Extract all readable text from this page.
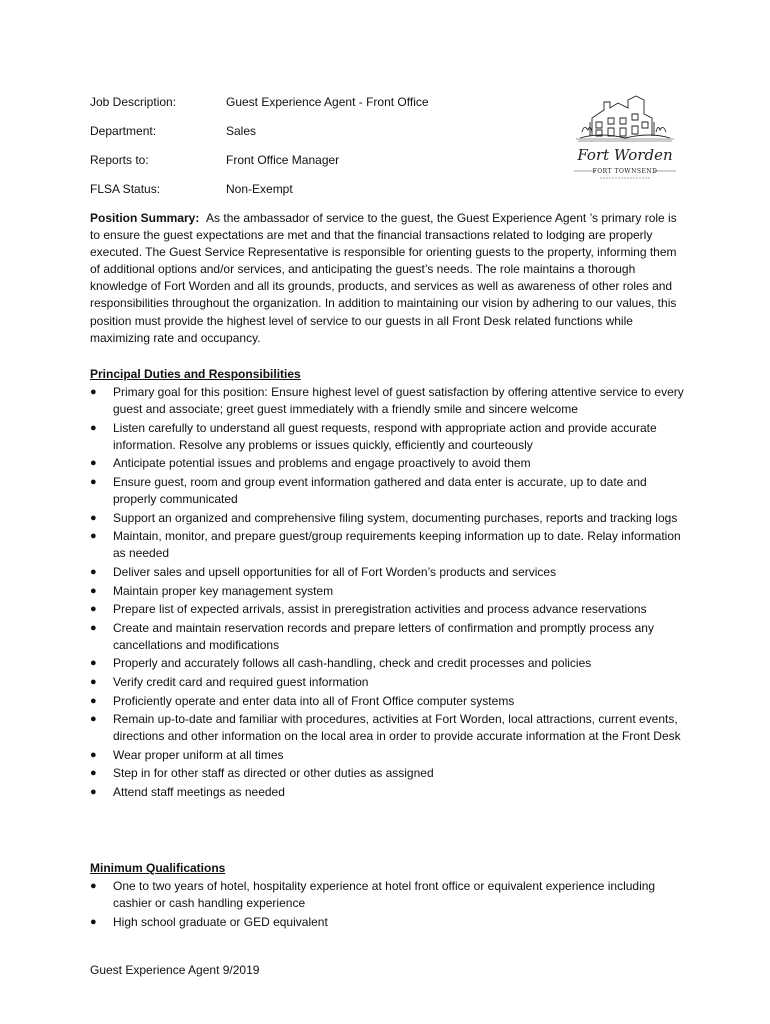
Job Description:	Guest Experience Agent - Front Office
Department:	Sales
Reports to:	Front Office Manager
FLSA Status:	Non-Exempt
Fort Worden
FORT TOWNSEND
Position Summary: As the ambassador of service to the guest, the Guest Experience Agent ’s primary role is to ensure the guest expectations are met and that the financial transactions related to lodging are properly executed. The Guest Service Representative is responsible for orienting guests to the property, informing them of additional options and/or services, and anticipating the guest’s needs. The role maintains a thorough knowledge of Fort Worden and all its grounds, products, and services as well as awareness of other roles and responsibilities throughout the organization. In addition to maintaining our vision by adhering to our values, this position must provide the highest level of service to our guests in all Front Desk related functions while maximizing rate and occupancy.
Principal Duties and Responsibilities
● Primary goal for this position: Ensure highest level of guest satisfaction by offering attentive service to every guest and associate; greet guest immediately with a friendly smile and sincere welcome
● Listen carefully to understand all guest requests, respond with appropriate action and provide accurate information. Resolve any problems or issues quickly, efficiently and courteously
● Anticipate potential issues and problems and engage proactively to avoid them
● Ensure guest, room and group event information gathered and data enter is accurate, up to date and properly communicated
● Support an organized and comprehensive filing system, documenting purchases, reports and tracking logs
● Maintain, monitor, and prepare guest/group requirements keeping information up to date. Relay information as needed
● Deliver sales and upsell opportunities for all of Fort Worden’s products and services
● Maintain proper key management system
● Prepare list of expected arrivals, assist in preregistration activities and process advance reservations
● Create and maintain reservation records and prepare letters of confirmation and promptly process any cancellations and modifications
● Properly and accurately follows all cash-handling, check and credit processes and policies
● Verify credit card and required guest information
● Proficiently operate and enter data into all of Front Office computer systems
● Remain up-to-date and familiar with procedures, activities at Fort Worden, local attractions, current events, directions and other information on the local area in order to provide accurate information at the Front Desk
● Wear proper uniform at all times
● Step in for other staff as directed or other duties as assigned
● Attend staff meetings as needed
Minimum Qualifications
● One to two years of hotel, hospitality experience at hotel front office or equivalent experience including cashier or cash handling experience
● High school graduate or GED equivalent
Guest Experience Agent 9/2019
